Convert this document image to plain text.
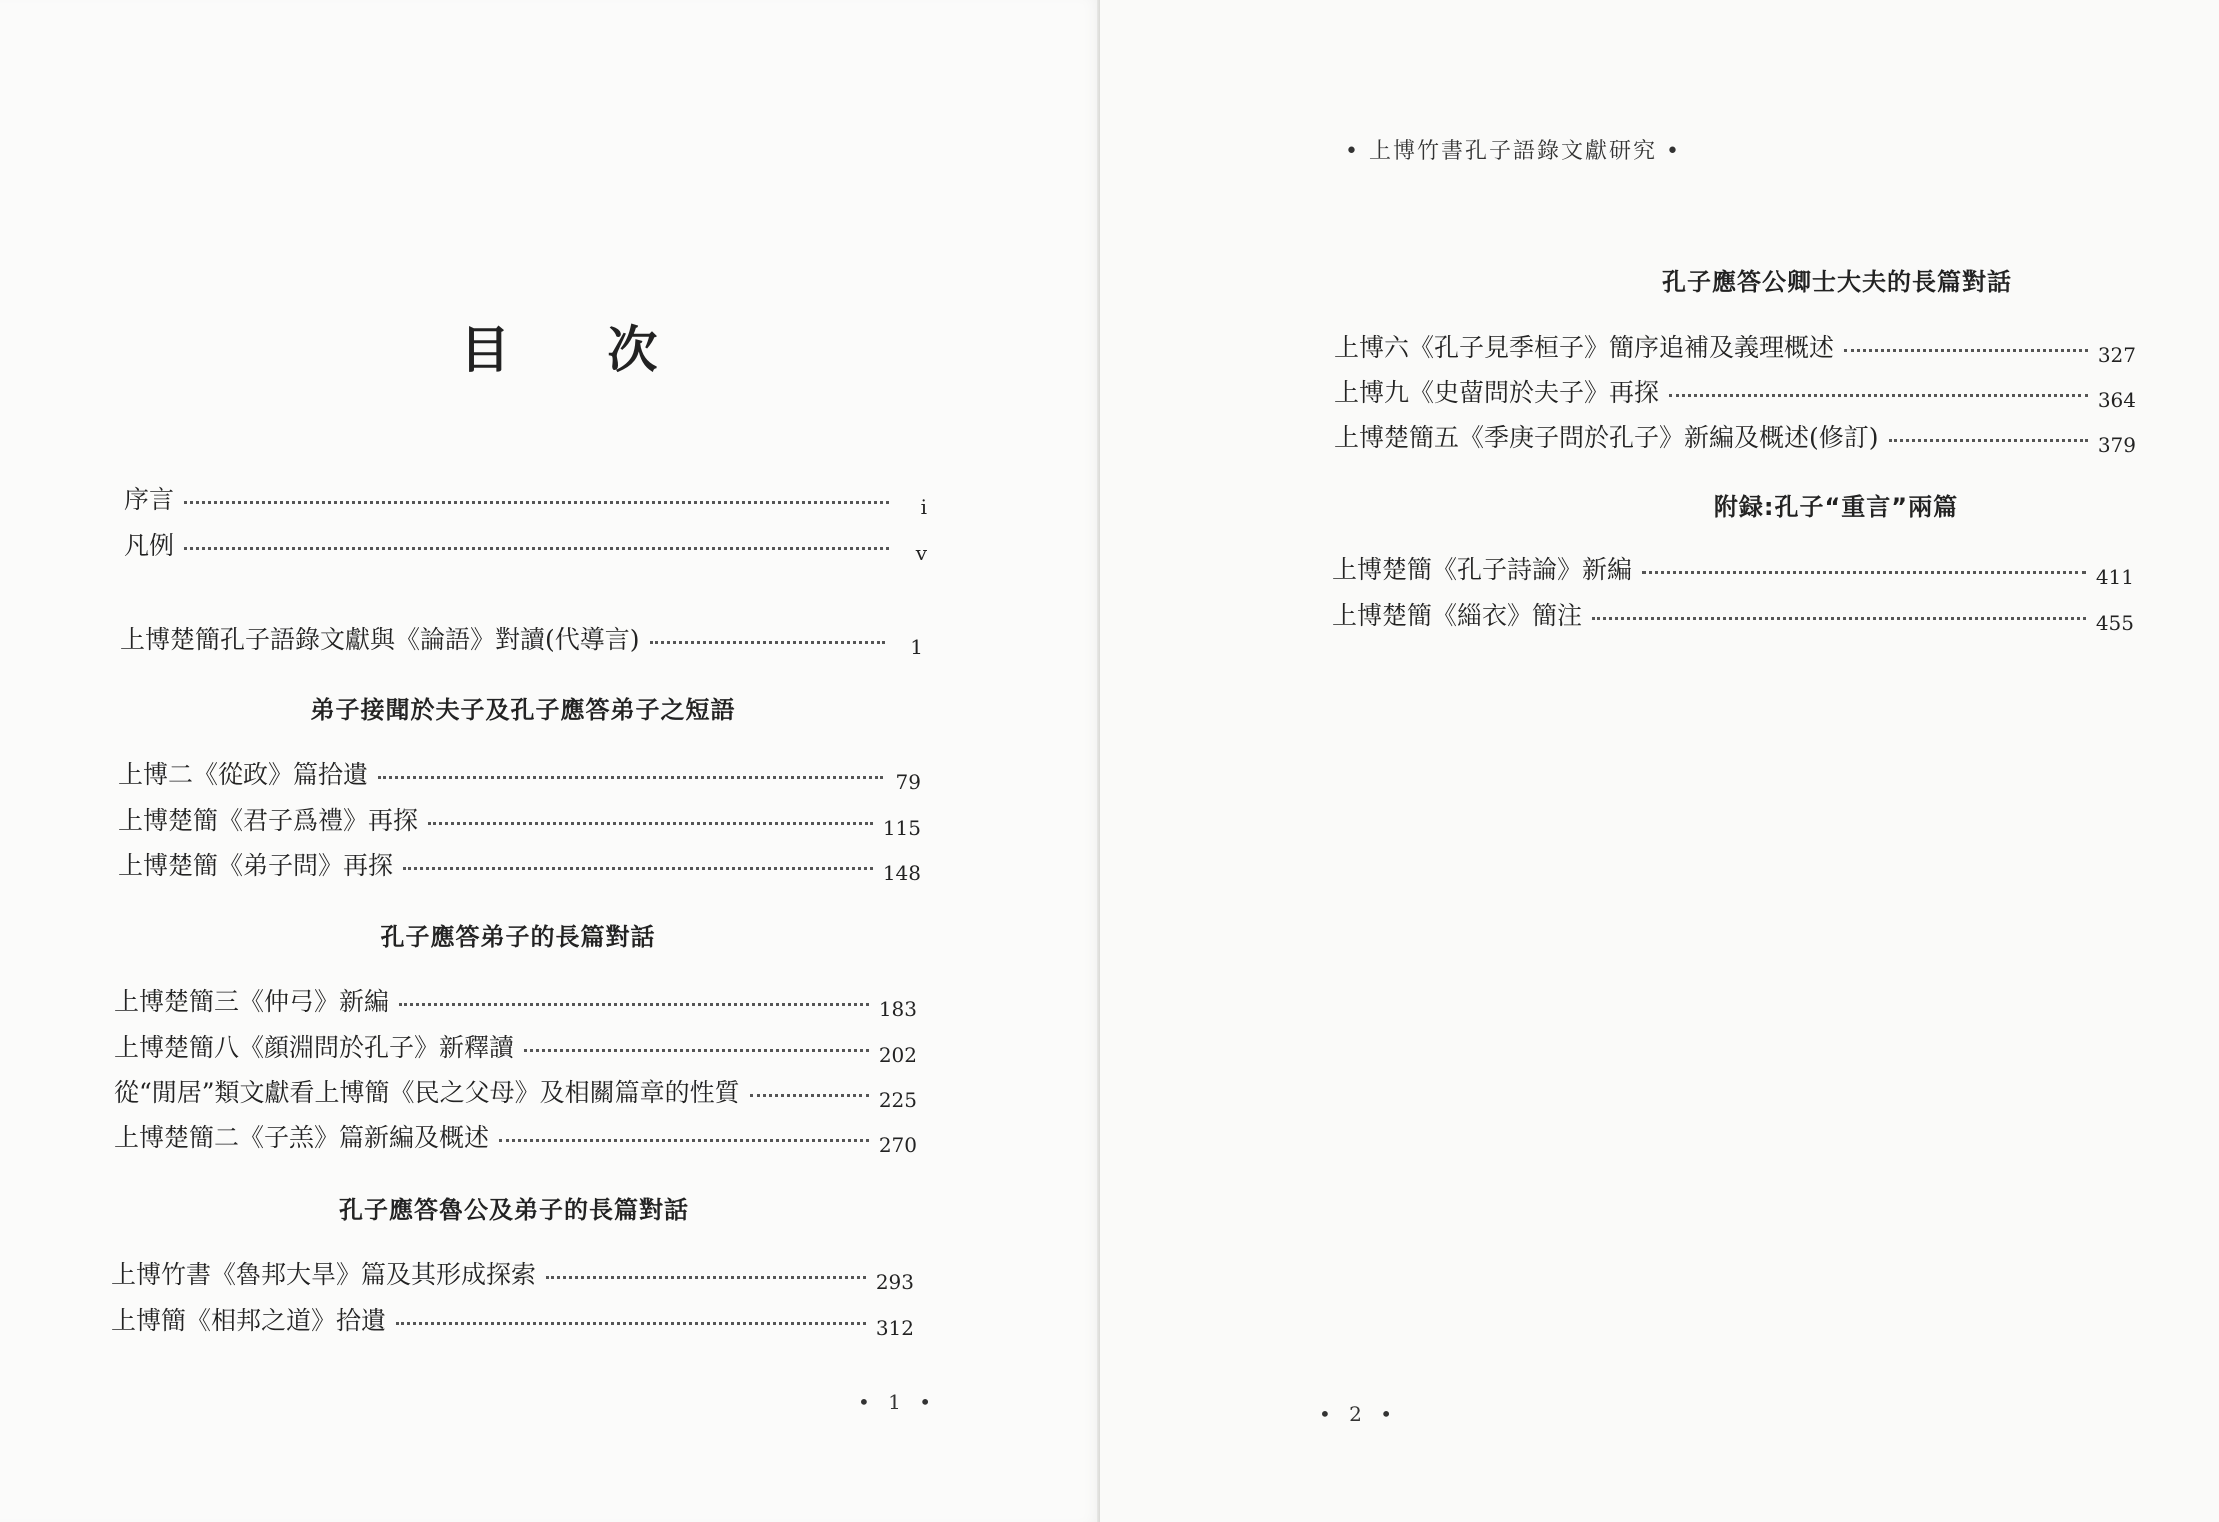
目 次
序言	i
凡例	v
上博楚簡孔子語錄文獻與《論語》對讀(代導言)	1
弟子接聞於夫子及孔子應答弟子之短語
上博二《從政》篇拾遺	79
上博楚簡《君子爲禮》再探	115
上博楚簡《弟子問》再探	148
孔子應答弟子的長篇對話
上博楚簡三《仲弓》新編	183
上博楚簡八《顔淵問於孔子》新釋讀	202
從“閒居”類文獻看上博簡《民之父母》及相關篇章的性質	225
上博楚簡二《子羔》篇新編及概述	270
孔子應答魯公及弟子的長篇對話
上博竹書《魯邦大旱》篇及其形成探索	293
上博簡《相邦之道》拾遺	312
• 1 •
孔子應答公卿士大夫的長篇對話
上博六《孔子見季桓子》簡序追補及義理概述	327
上博九《史蒥問於夫子》再探	364
上博楚簡五《季庚子問於孔子》新編及概述(修訂)	379
附録:孔子“重言”兩篇
上博楚簡《孔子詩論》新編	411
上博楚簡《緇衣》簡注	455
• 2 •
• 上博竹書孔子語錄文獻研究 •
